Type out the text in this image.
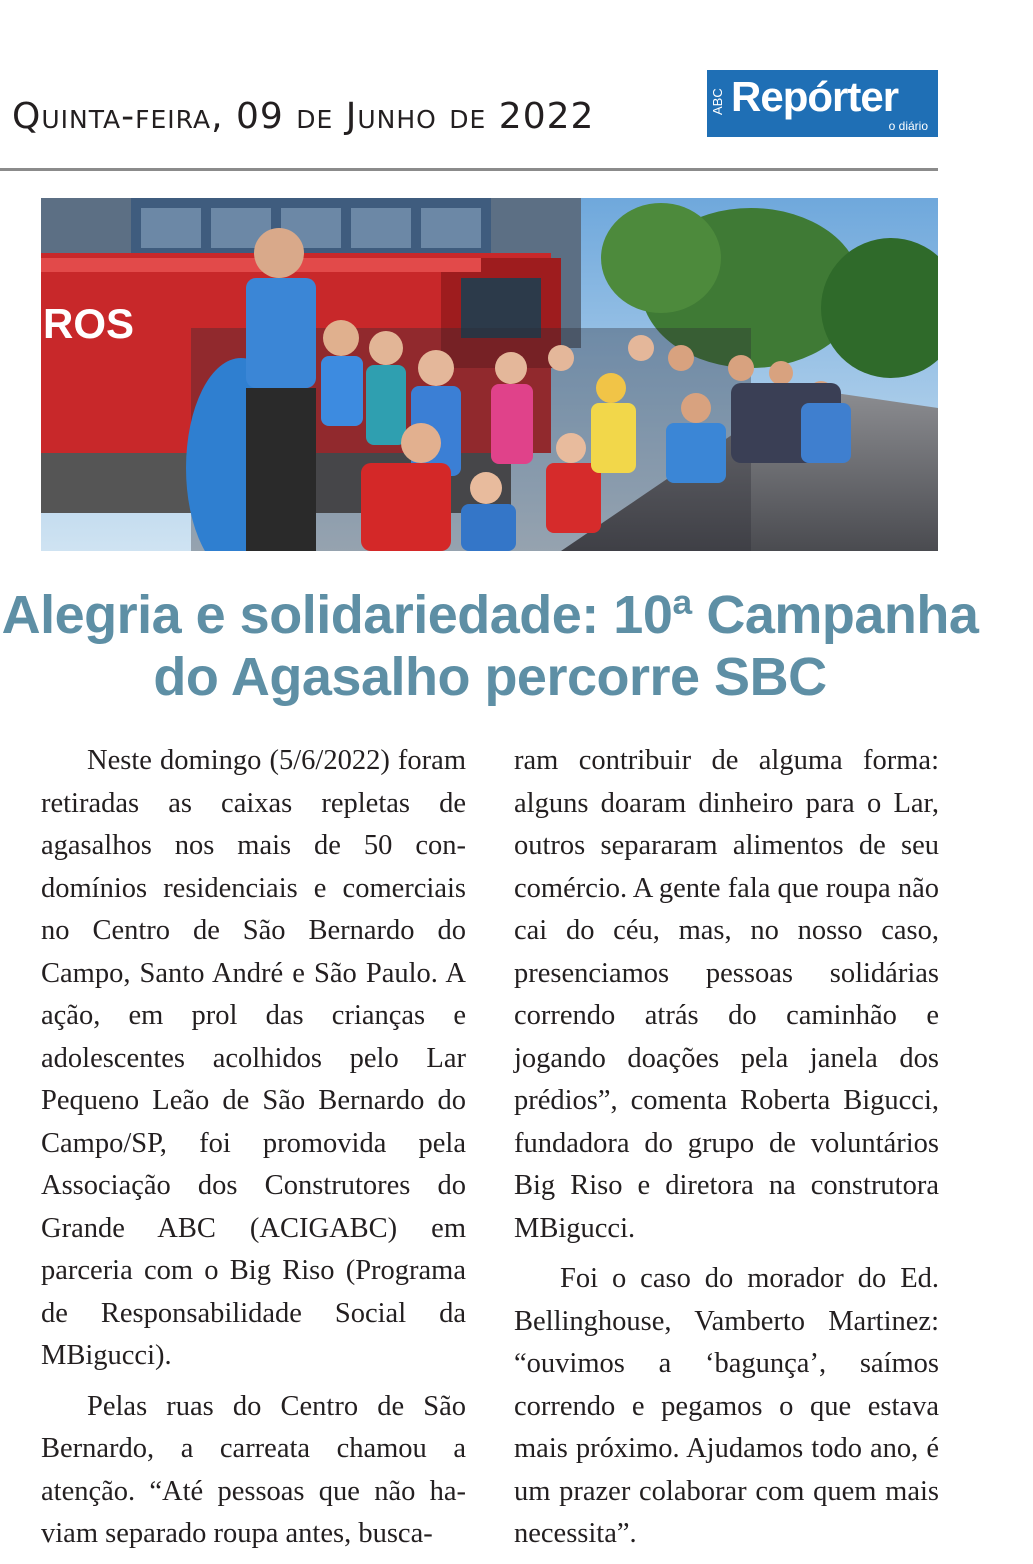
Quinta-feira, 09 de Junho de 2022	ABC Repórter
o diário
ROS
Alegria e solidariedade: 10ª Campanha do Agasalho percorre SBC

Neste domingo (5/6/2022) foram retiradas as caixas repletas de agasalhos nos mais de 50 condomínios residenciais e comerciais no Centro de São Bernardo do Campo, Santo André e São Paulo. A ação, em prol das crianças e adolescentes acolhidos pelo Lar Pequeno Leão de São Bernardo do Campo/SP, foi promovida pela Associação dos Construtores do Grande ABC (ACIGABC) em parceria com o Big Riso (Programa de Responsabilidade Social da MBigucci).

Pelas ruas do Centro de São Bernardo, a carreata chamou a atenção. “Até pessoas que não haviam separado roupa antes, busca-

ram contribuir de alguma forma: alguns doaram dinheiro para o Lar, outros separaram alimentos de seu comércio. A gente fala que roupa não cai do céu, mas, no nosso caso, presenciamos pessoas solidárias correndo atrás do caminhão e jogando doações pela janela dos prédios”, comenta Roberta Bigucci, fundadora do grupo de voluntários Big Riso e diretora na construtora MBigucci.

Foi o caso do morador do Ed. Bellinghouse, Vamberto Martinez: “ouvimos a ‘bagunça’, saímos correndo e pegamos o que estava mais próximo. Ajudamos todo ano, é um prazer colaborar com quem mais necessita”.
